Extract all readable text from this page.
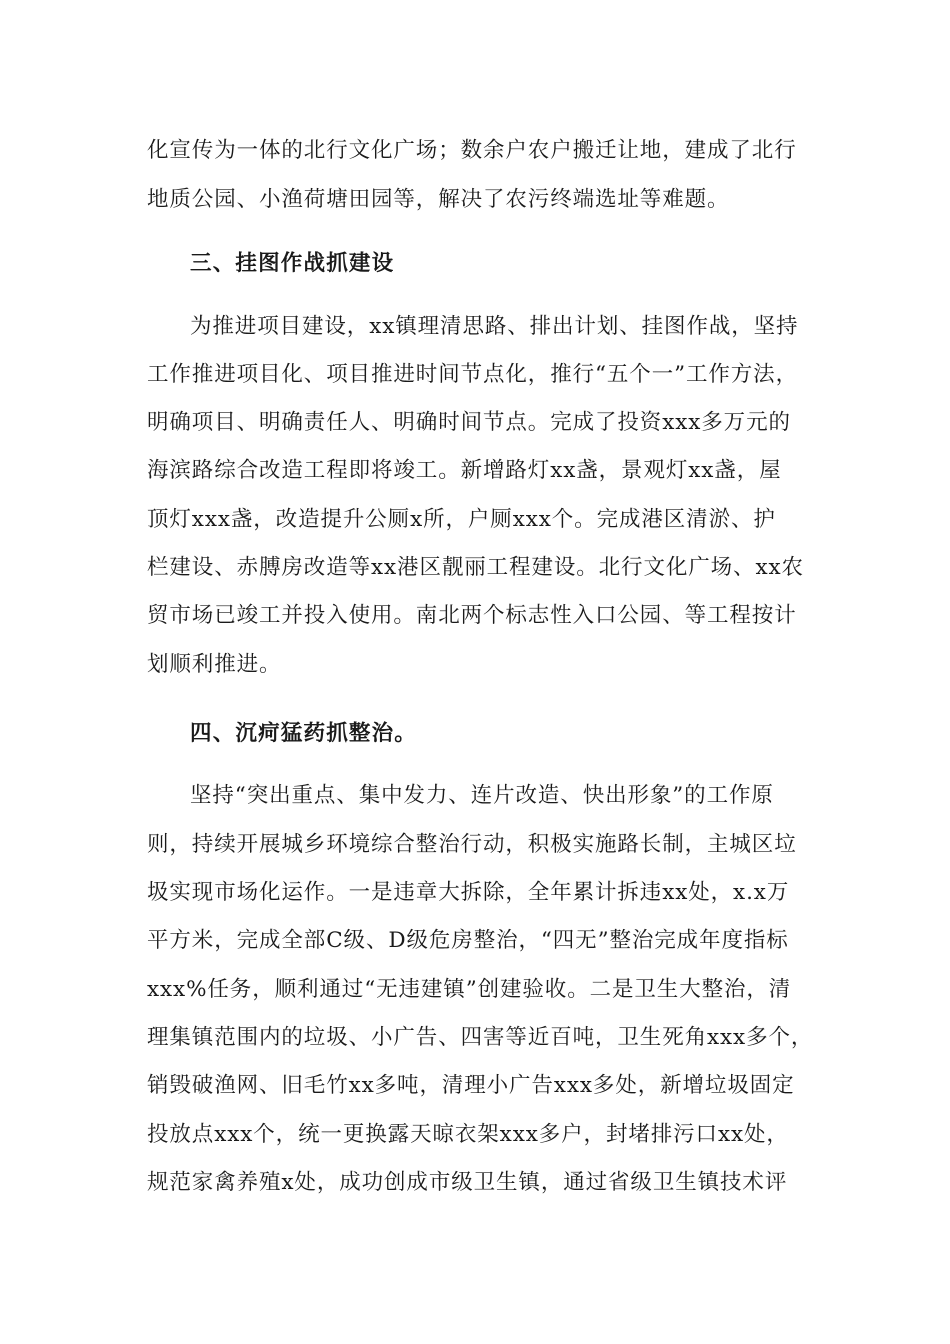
化宣传为一体的北行文化广场；数余户农户搬迁让地，建成了北行
地质公园、小渔荷塘田园等，解决了农污终端选址等难题。
三、挂图作战抓建设
为推进项目建设，xx镇理清思路、排出计划、挂图作战，坚持
工作推进项目化、项目推进时间节点化，推行“五个一”工作方法，
明确项目、明确责任人、明确时间节点。完成了投资xxx多万元的
海滨路综合改造工程即将竣工。新增路灯xx盏，景观灯xx盏，屋
顶灯xxx盏，改造提升公厕x所，户厕xxx个。完成港区清淤、护
栏建设、赤膊房改造等xx港区靓丽工程建设。北行文化广场、xx农
贸市场已竣工并投入使用。南北两个标志性入口公园、等工程按计
划顺利推进。
四、沉疴猛药抓整治。
坚持“突出重点、集中发力、连片改造、快出形象”的工作原
则，持续开展城乡环境综合整治行动，积极实施路长制，主城区垃
圾实现市场化运作。一是违章大拆除，全年累计拆违xx处，x.x万
平方米，完成全部C级、D级危房整治，“四无”整治完成年度指标
xxx%任务，顺利通过“无违建镇”创建验收。二是卫生大整治，清
理集镇范围内的垃圾、小广告、四害等近百吨，卫生死角xxx多个，
销毁破渔网、旧毛竹xx多吨，清理小广告xxx多处，新增垃圾固定
投放点xxx个，统一更换露天晾衣架xxx多户，封堵排污口xx处，
规范家禽养殖x处，成功创成市级卫生镇，通过省级卫生镇技术评
